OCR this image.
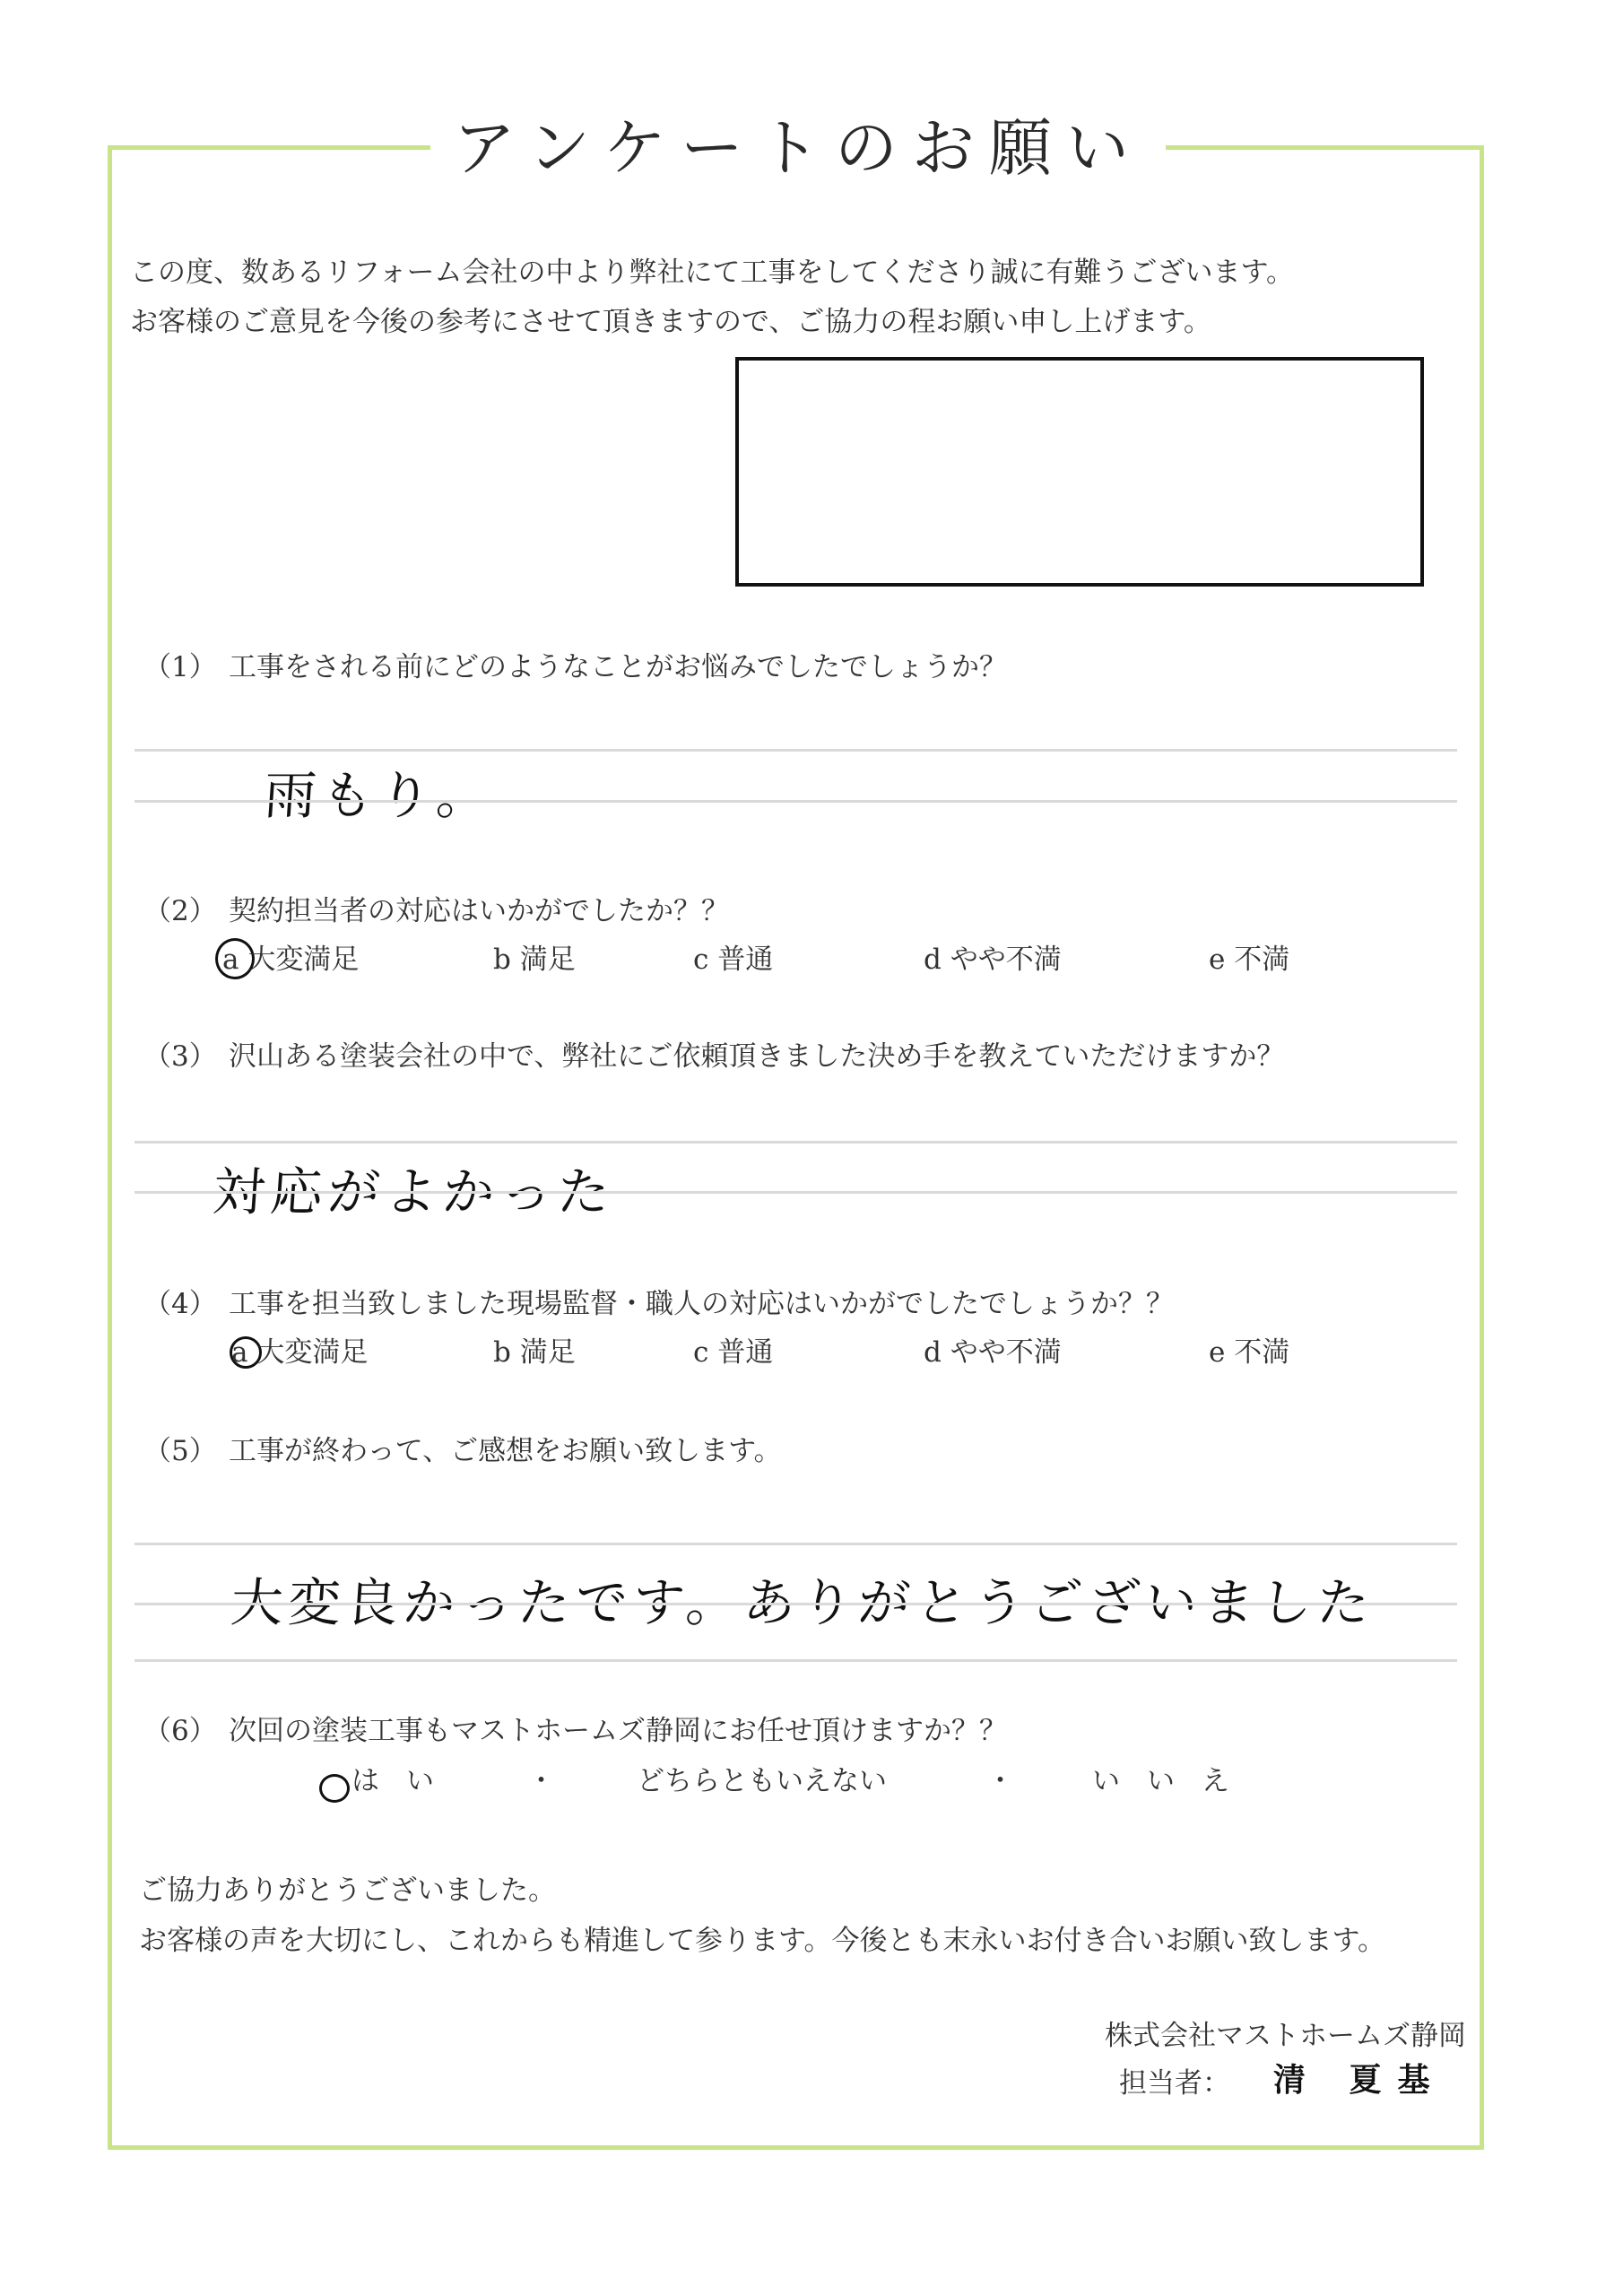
アンケートのお願い
この度、数あるリフォーム会社の中より弊社にて工事をしてくださり誠に有難うございます。
お客様のご意見を今後の参考にさせて頂きますので、ご協力の程お願い申し上げます。
（1） 工事をされる前にどのようなことがお悩みでしたでしょうか？
雨もり。
（2） 契約担当者の対応はいかがでしたか？？
a 大変満足	b 満足	c 普通	d やや不満	e 不満
（3） 沢山ある塗装会社の中で、弊社にご依頼頂きました決め手を教えていただけますか？
対応がよかった
（4） 工事を担当致しました現場監督・職人の対応はいかがでしたでしょうか？？
a 大変満足	b 満足	c 普通	d やや不満	e 不満
（5） 工事が終わって、ご感想をお願い致します。
大変良かったです。ありがとうございました
（6） 次回の塗装工事もマストホームズ静岡にお任せ頂けますか？？
はい ・	どちらともいえない	・	いいえ
ご協力ありがとうございました。
お客様の声を大切にし、これからも精進して参ります。今後とも末永いお付き合いお願い致します。
株式会社マストホームズ静岡
担当者： 清 夏基
